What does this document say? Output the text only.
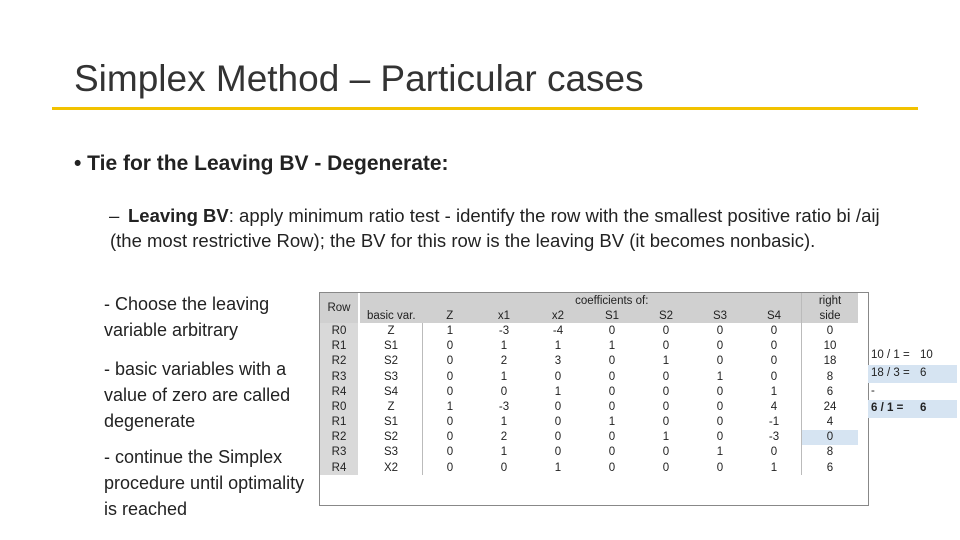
Simplex Method – Particular cases
• Tie for the Leaving BV - Degenerate:
– Leaving BV: apply minimum ratio test - identify the row with the smallest positive ratio bi /aij (the most restrictive Row); the BV for this row is the leaving BV (it becomes nonbasic).
- Choose the leaving variable arbitrary
- basic variables with a value of zero are called degenerate
- continue the Simplex procedure until optimality is reached
Row		coefficients of:							right
	basic var.	Z	x1	x2	S1	S2	S3	S4	side
R0	Z	1	-3	-4	0	0	0	0	0
R1	S1	0	1	1	1	0	0	0	10
R2	S2	0	2	3	0	1	0	0	18
R3	S3	0	1	0	0	0	1	0	8
R4	S4	0	0	1	0	0	0	1	6
R0	Z	1	-3	0	0	0	0	4	24
R1	S1	0	1	0	1	0	0	-1	4
R2	S2	0	2	0	0	1	0	-3	0
R3	S3	0	1	0	0	0	1	0	8
R4	X2	0	0	1	0	0	0	1	6
10 / 1 = 10
18 / 3 = 6
-
6 / 1 = 6
